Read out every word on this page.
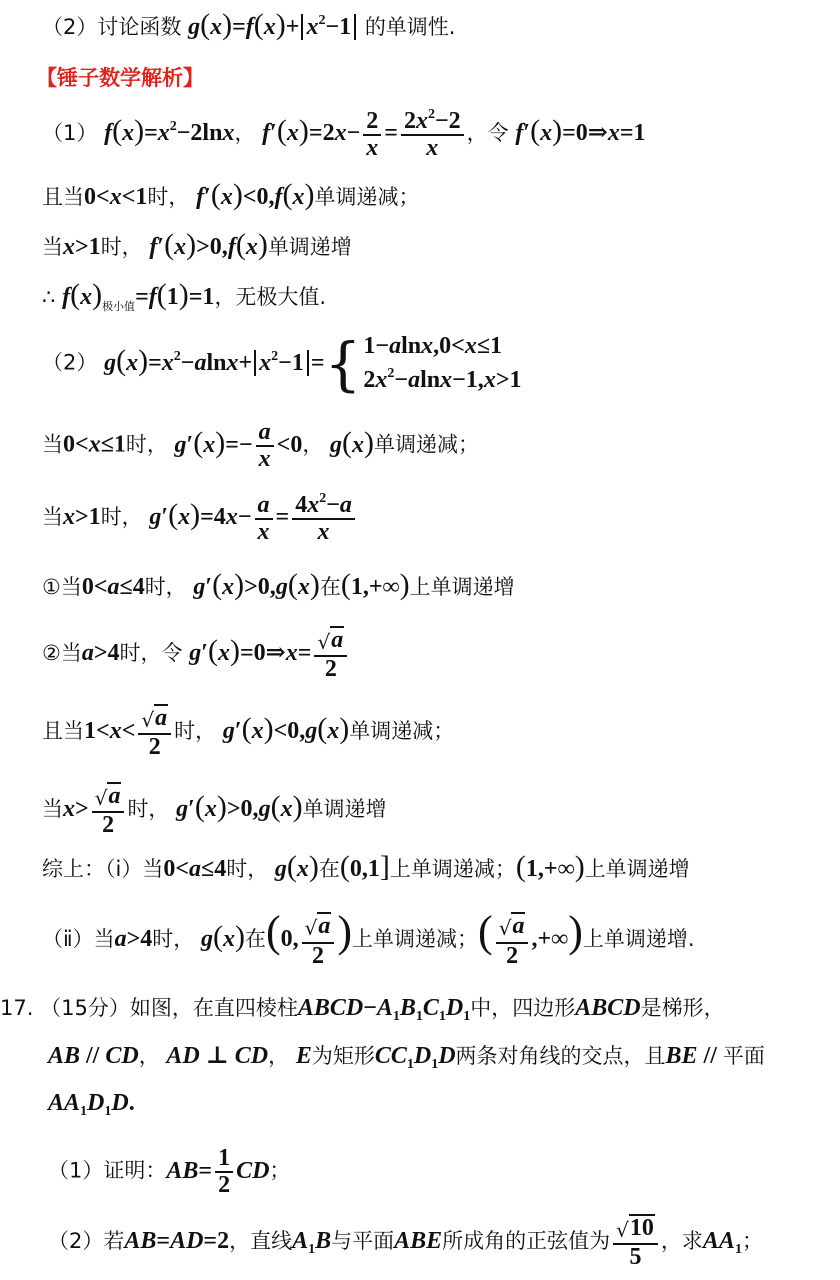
（2）讨论函数 $g(x)=f(x)+ x^2-1$ 的单调性.
【锤子数学解析】
（1） $f(x)=x^2-2\ln x$， $f'(x)=2x- \frac{2}{x} = \frac{2x^2-2}{x}$ ，令 f′(x)=0⇒x=1
且当0<x<1时， f′(x)<0,f(x)单调递减；
当x>1时， f′(x)>0,f(x)单调递增
∴ $f(x)_{极小值}=f(1)=1$，无极大值.
（2） $g(x)=x^2-alnx+ x^2-1$ = { 1−alnx,0<x≤1
$2x^2-alnx-1,x>1$
当0<x≤1时， $g'(x)=- \frac{a}{x} <0$， g(x)单调递减；
当x>1时， $g'(x)=4x- \frac{a}{x} = \frac{4x^2-a}{x}$
①当0<a≤4时， g′(x)>0,g(x)在(1,+∞)上单调递增
②当a>4时，令 g′(x)=0⇒x= $\frac{√ a}{2}$
且当$1<x< \frac{√ a}{2}$ 时， g′(x)<0,g(x)单调递减；
当$x> \frac{√ a}{2}$ 时， g′(x)>0,g(x)单调递增
综上：（ⅰ）当0<a≤4时， g(x)在(0,1]上单调递减；(1,+∞)上单调递增
（ⅱ）当a>4时， g(x)在(0, $\frac{√ a}{2}$ )上单调递减；( $\frac{√ a}{2}$ ,+∞)上单调递增.
17. （15分）如图，在直四棱柱$ABCD-A_1B_1C_1D_1$中，四边形ABCD是梯形，
AB // CD， AD ⊥ CD， E为矩形$CC_1D_1D$两条对角线的交点，且BE // 平面
$AA_1D_1D$.
（1）证明：$AB= \frac{1}{2}$ CD；
（2）若AB=AD=2，直线$A_1B$与平面ABE所成角的正弦值为 $\frac{√ 10}{5}$ ，求$AA_1$；
